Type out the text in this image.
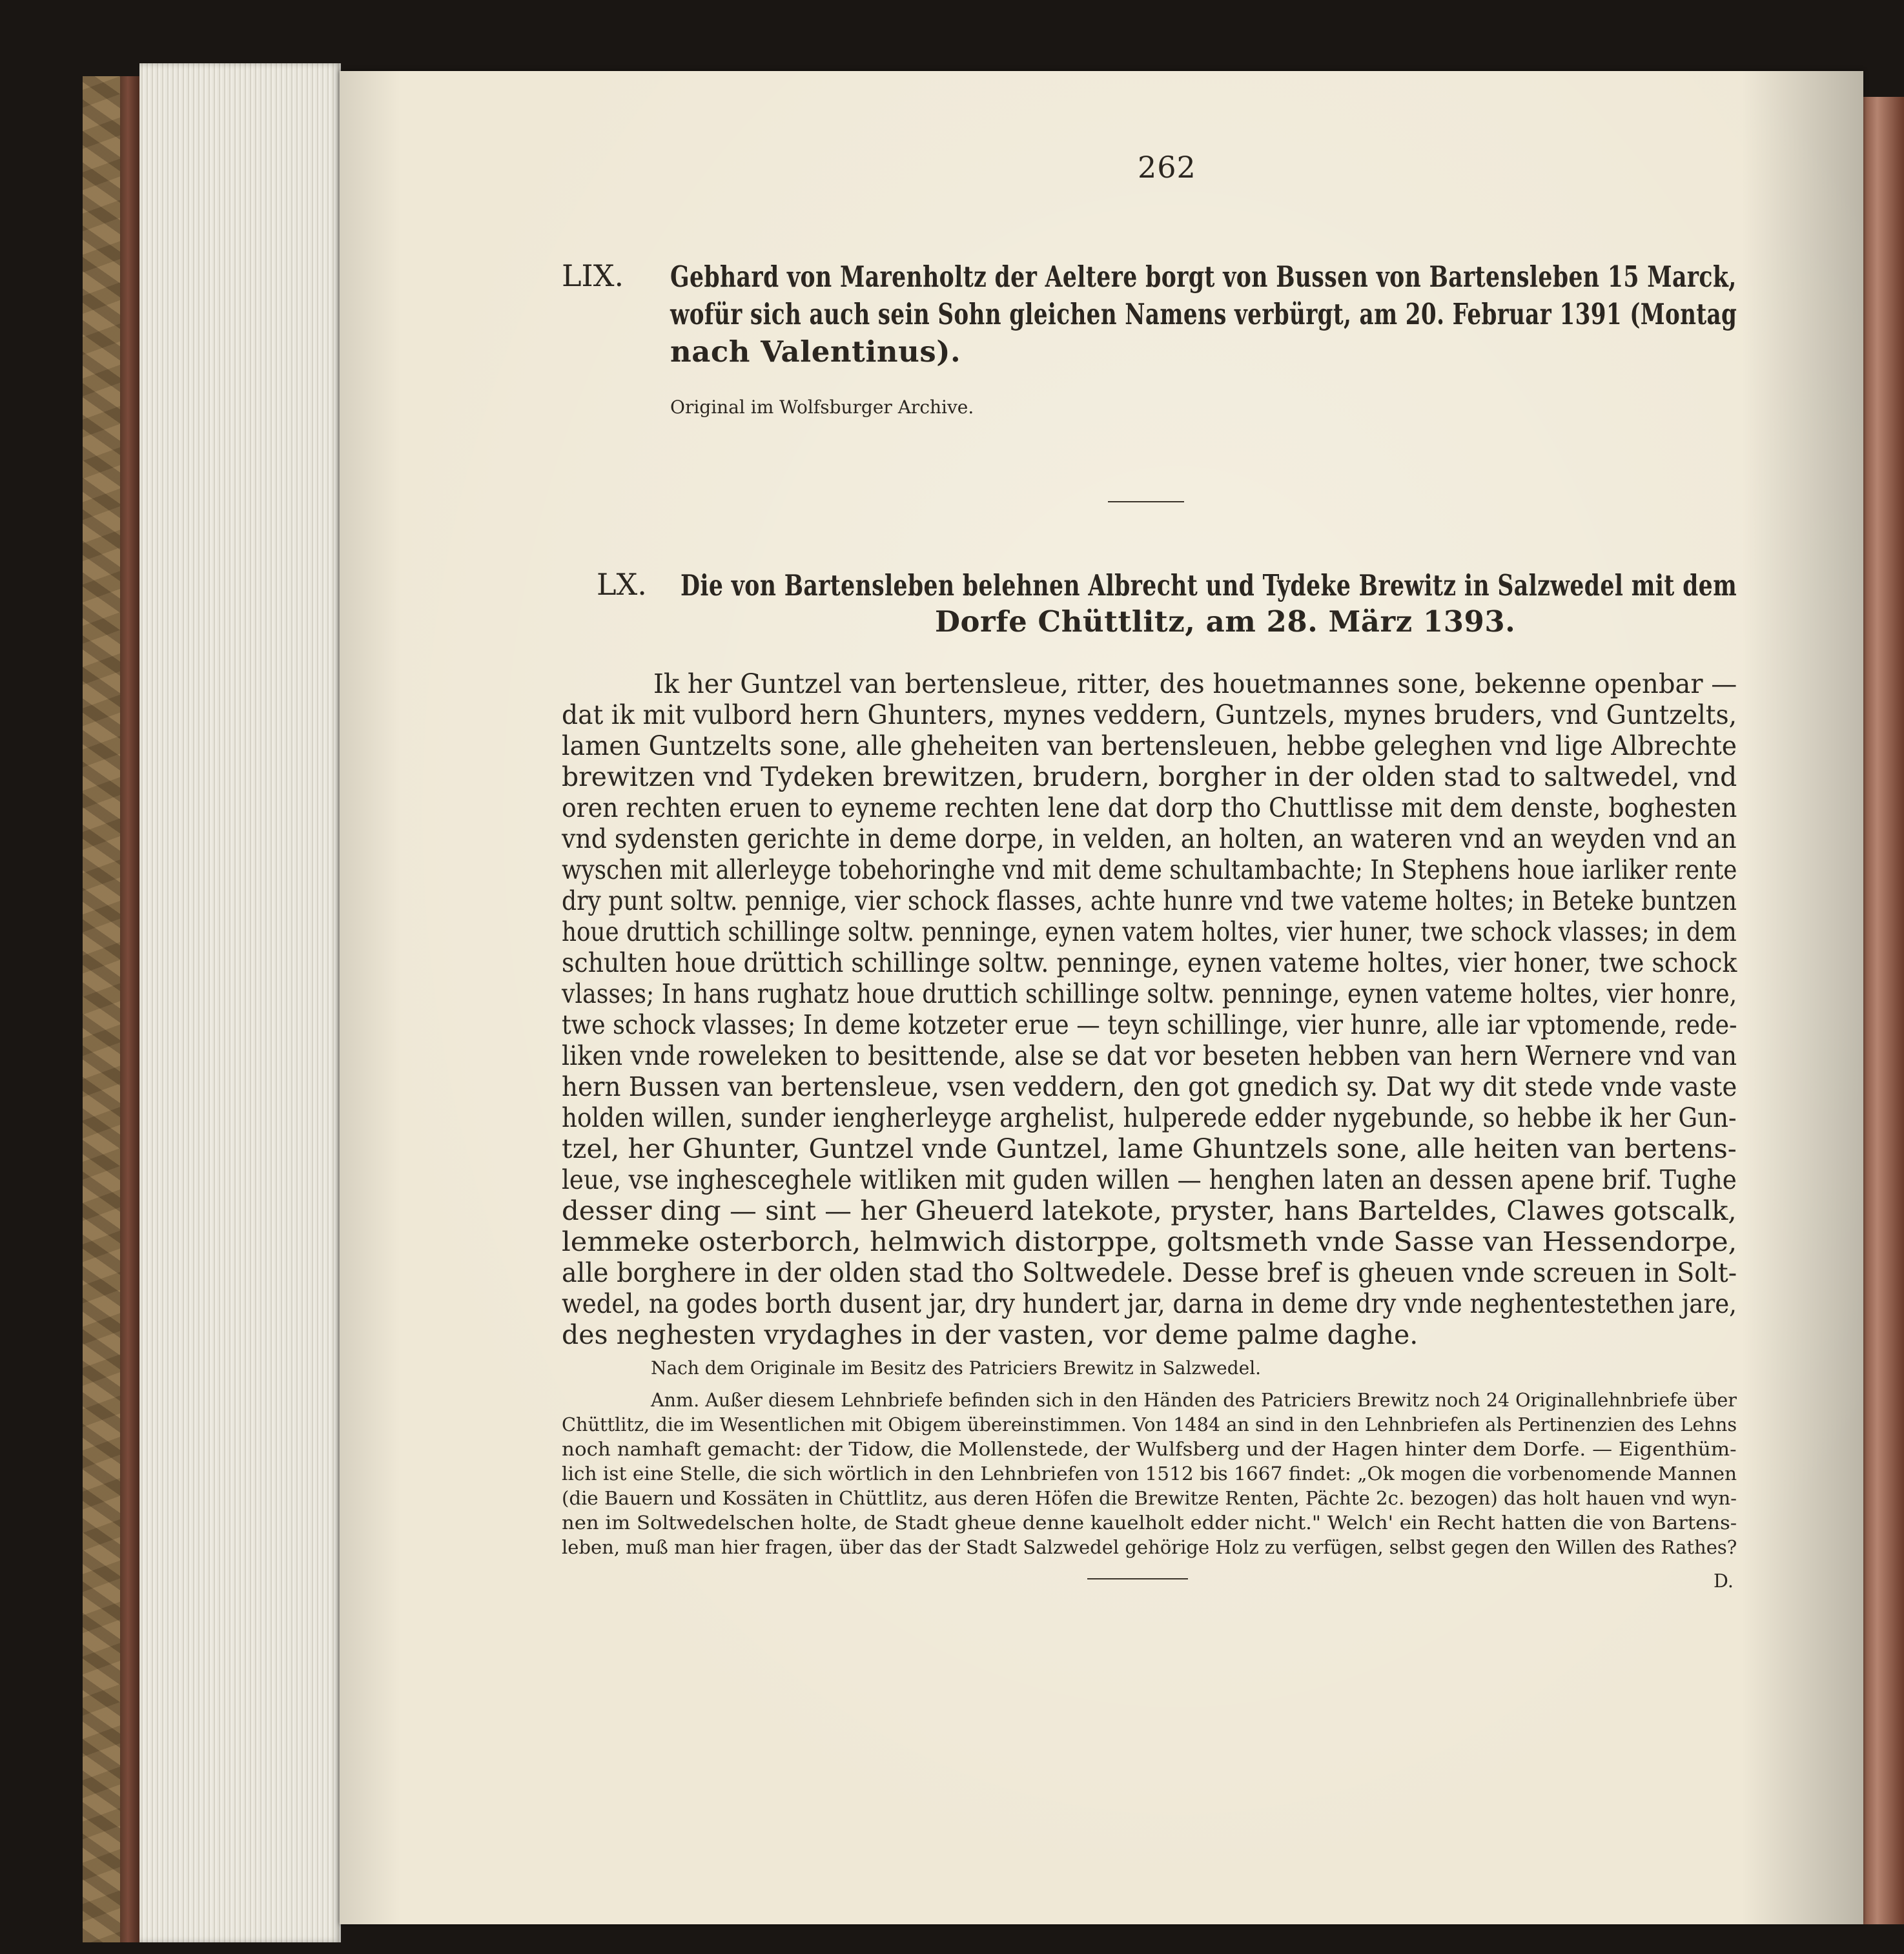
262
LIX. Gebhard von Marenholtz der Aeltere borgt von Bussen von Bartensleben 15 Marck,
wofür sich auch sein Sohn gleichen Namens verbürgt, am 20. Februar 1391 (Montag
nach Valentinus).
Original im Wolfsburger Archive.
LX. Die von Bartensleben belehnen Albrecht und Tydeke Brewitz in Salzwedel mit dem
Dorfe Chüttlitz, am 28. März 1393.
Ik her Guntzel van bertensleue, ritter, des houetmannes sone, bekenne openbar —
dat ik mit vulbord hern Ghunters, mynes veddern, Guntzels, mynes bruders, vnd Guntzelts,
lamen Guntzelts sone, alle gheheiten van bertensleuen, hebbe geleghen vnd lige Albrechte
brewitzen vnd Tydeken brewitzen, brudern, borgher in der olden stad to saltwedel, vnd
oren rechten eruen to eyneme rechten lene dat dorp tho Chuttlisse mit dem denste, boghesten
vnd sydensten gerichte in deme dorpe, in velden, an holten, an wateren vnd an weyden vnd an
wyschen mit allerleyge tobehoringhe vnd mit deme schultambachte; In Stephens houe iarliker rente
dry punt soltw. pennige, vier schock flasses, achte hunre vnd twe vateme holtes; in Beteke buntzen
houe druttich schillinge soltw. penninge, eynen vatem holtes, vier huner, twe schock vlasses; in dem
schulten houe drüttich schillinge soltw. penninge, eynen vateme holtes, vier honer, twe schock
vlasses; In hans rughatz houe druttich schillinge soltw. penninge, eynen vateme holtes, vier honre,
twe schock vlasses; In deme kotzeter erue — teyn schillinge, vier hunre, alle iar vptomende, rede-
liken vnde roweleken to besittende, alse se dat vor beseten hebben van hern Wernere vnd van
hern Bussen van bertensleue, vsen veddern, den got gnedich sy. Dat wy dit stede vnde vaste
holden willen, sunder iengherleyge arghelist, hulperede edder nygebunde, so hebbe ik her Gun-
tzel, her Ghunter, Guntzel vnde Guntzel, lame Ghuntzels sone, alle heiten van bertens-
leue, vse inghesceghele witliken mit guden willen — henghen laten an dessen apene brif. Tughe
desser ding — sint — her Gheuerd latekote, pryster, hans Barteldes, Clawes gotscalk,
lemmeke osterborch, helmwich distorppe, goltsmeth vnde Sasse van Hessendorpe,
alle borghere in der olden stad tho Soltwedele. Desse bref is gheuen vnde screuen in Solt-
wedel, na godes borth dusent jar, dry hundert jar, darna in deme dry vnde neghentestethen jare,
des neghesten vrydaghes in der vasten, vor deme palme daghe.
Nach dem Originale im Besitz des Patriciers Brewitz in Salzwedel.
Anm. Außer diesem Lehnbriefe befinden sich in den Händen des Patriciers Brewitz noch 24 Originallehnbriefe über
Chüttlitz, die im Wesentlichen mit Obigem übereinstimmen. Von 1484 an sind in den Lehnbriefen als Pertinenzien des Lehns
noch namhaft gemacht: der Tidow, die Mollenstede, der Wulfsberg und der Hagen hinter dem Dorfe. — Eigenthüm-
lich ist eine Stelle, die sich wörtlich in den Lehnbriefen von 1512 bis 1667 findet: „Ok mogen die vorbenomende Mannen
(die Bauern und Kossäten in Chüttlitz, aus deren Höfen die Brewitze Renten, Pächte 2c. bezogen) das holt hauen vnd wyn-
nen im Soltwedelschen holte, de Stadt gheue denne kauelholt edder nicht." Welch' ein Recht hatten die von Bartens-
leben, muß man hier fragen, über das der Stadt Salzwedel gehörige Holz zu verfügen, selbst gegen den Willen des Rathes?
D.
